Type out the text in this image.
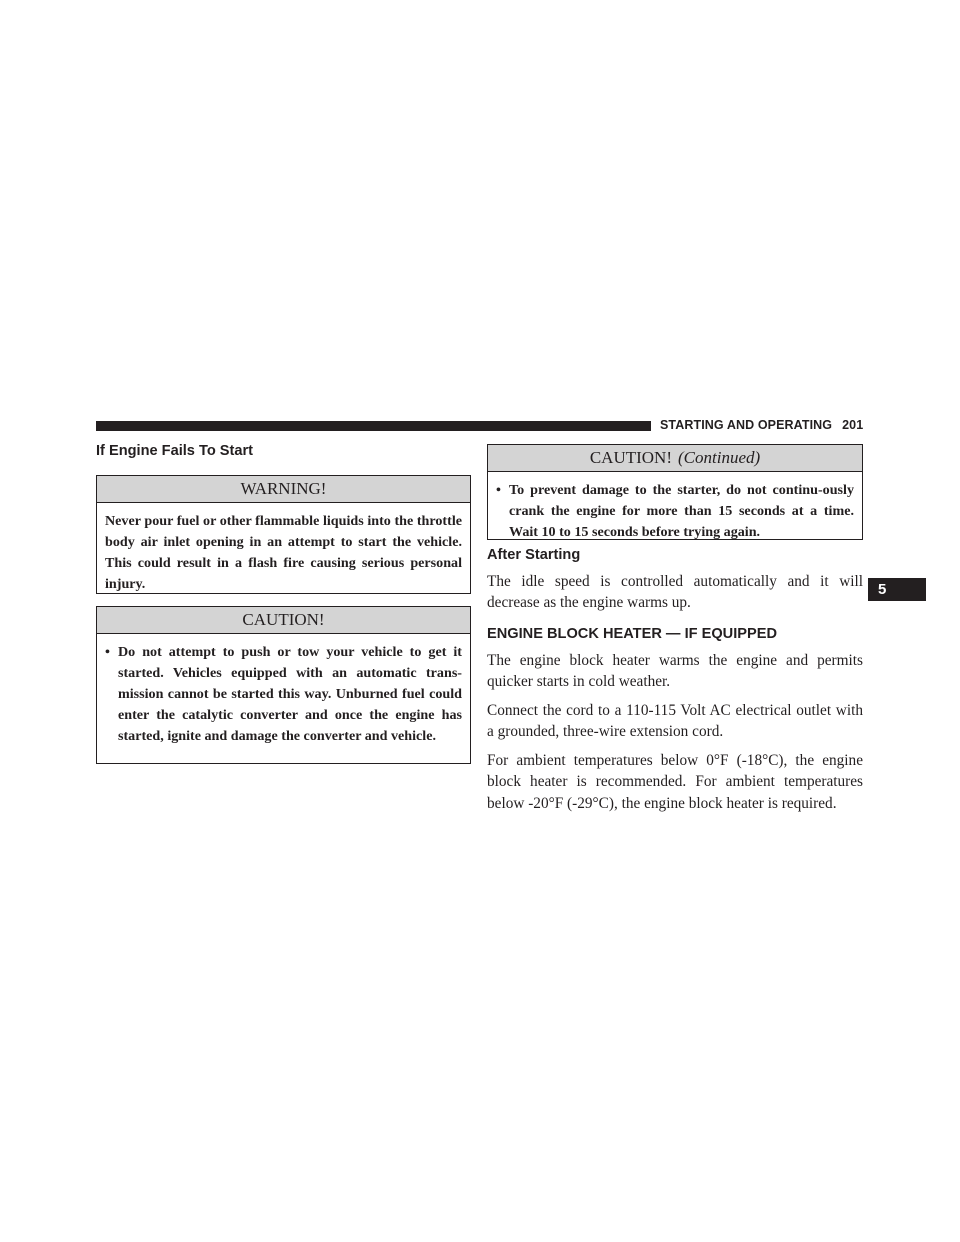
STARTING AND OPERATING 201
5
If Engine Fails To Start
WARNING!
Never pour fuel or other flammable liquids into the throttle body air inlet opening in an attempt to start the vehicle. This could result in a flash fire causing serious personal injury.
CAUTION!
• Do not attempt to push or tow your vehicle to get it started. Vehicles equipped with an automatic trans-mission cannot be started this way. Unburned fuel could enter the catalytic converter and once the engine has started, ignite and damage the converter and vehicle.
CAUTION! (Continued)
• To prevent damage to the starter, do not continu-ously crank the engine for more than 15 seconds at a time. Wait 10 to 15 seconds before trying again.
After Starting
The idle speed is controlled automatically and it will decrease as the engine warms up.
ENGINE BLOCK HEATER — IF EQUIPPED
The engine block heater warms the engine and permits quicker starts in cold weather.
Connect the cord to a 110-115 Volt AC electrical outlet with a grounded, three-wire extension cord.
For ambient temperatures below 0°F (-18°C), the engine block heater is recommended. For ambient temperatures below -20°F (-29°C), the engine block heater is required.
